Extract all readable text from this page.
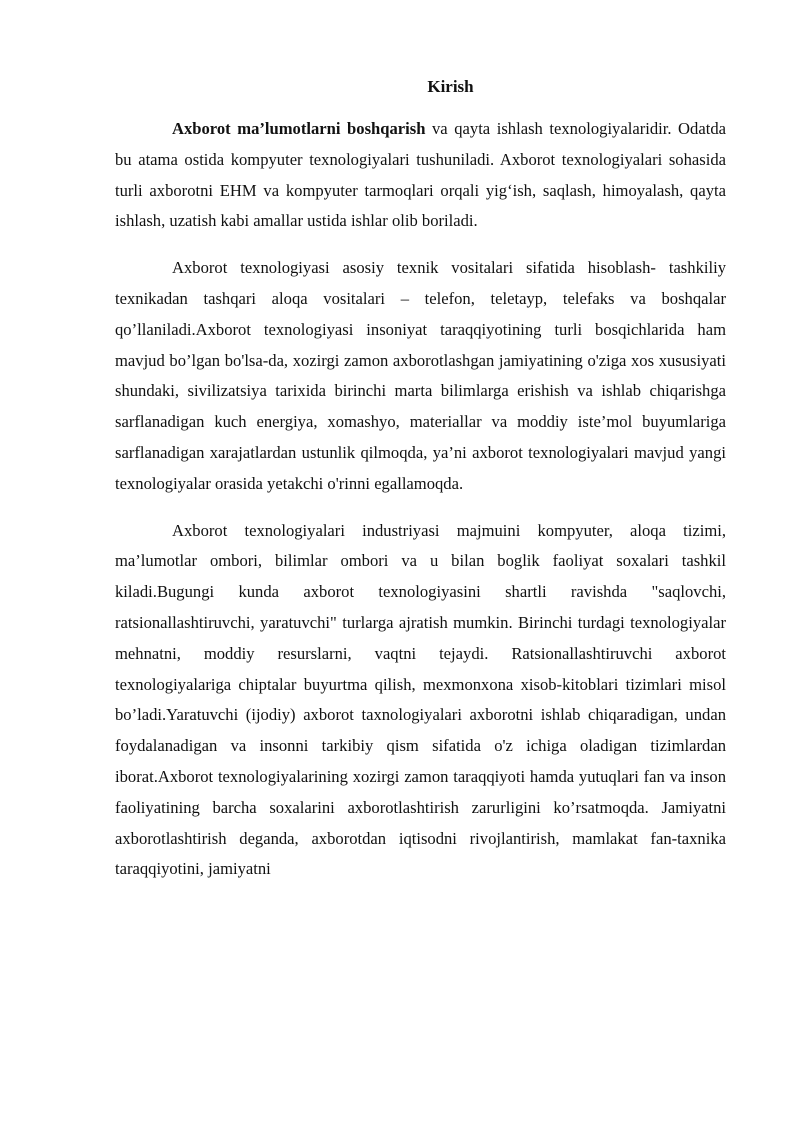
Kirish

Axborot ma’lumotlarni boshqarish va qayta ishlash texnologiyalaridir. Odatda bu atama ostida kompyuter texnologiyalari tushuniladi. Axborot texnologiyalari sohasida turli axborotni EHM va kompyuter tarmoqlari orqali yig‘ish, saqlash, himoyalash, qayta ishlash, uzatish kabi amallar ustida ishlar olib boriladi.

Axborot texnologiyasi asosiy texnik vositalari sifatida hisoblash- tashkiliy texnikadan tashqari aloqa vositalari – telefon, teletayp, telefaks va boshqalar qo’llaniladi.Axborot texnologiyasi insoniyat taraqqiyotining turli bosqichlarida ham mavjud bo’lgan bo'lsa-da, xozirgi zamon axborotlashgan jamiyatining o'ziga xos xususiyati shundaki, sivilizatsiya tarixida birinchi marta bilimlarga erishish va ishlab chiqarishga sarflanadigan kuch energiya, xomashyo, materiallar va moddiy iste’mol buyumlariga sarflanadigan xarajatlardan ustunlik qilmoqda, ya’ni axborot texnologiyalari mavjud yangi texnologiyalar orasida yetakchi o'rinni egallamoqda.

Axborot texnologiyalari industriyasi majmuini kompyuter, aloqa tizimi, ma’lumotlar ombori, bilimlar ombori va u bilan boglik faoliyat soxalari tashkil kiladi.Bugungi kunda axborot texnologiyasini shartli ravishda "saqlovchi, ratsionallashtiruvchi, yaratuvchi" turlarga ajratish mumkin. Birinchi turdagi texnologiyalar mehnatni, moddiy resurslarni, vaqtni tejaydi. Ratsionallashtiruvchi axborot texnologiyalariga chiptalar buyurtma qilish, mexmonxona xisob-kitoblari tizimlari misol bo’ladi.Yaratuvchi (ijodiy) axborot taxnologiyalari axborotni ishlab chiqaradigan, undan foydalanadigan va insonni tarkibiy qism sifatida o'z ichiga oladigan tizimlardan iborat.Axborot texnologiyalarining xozirgi zamon taraqqiyoti hamda yutuqlari fan va inson faoliyatining barcha soxalarini axborotlashtirish zarurligini ko’rsatmoqda. Jamiyatni axborotlashtirish deganda, axborotdan iqtisodni rivojlantirish, mamlakat fan-taxnika taraqqiyotini, jamiyatni
